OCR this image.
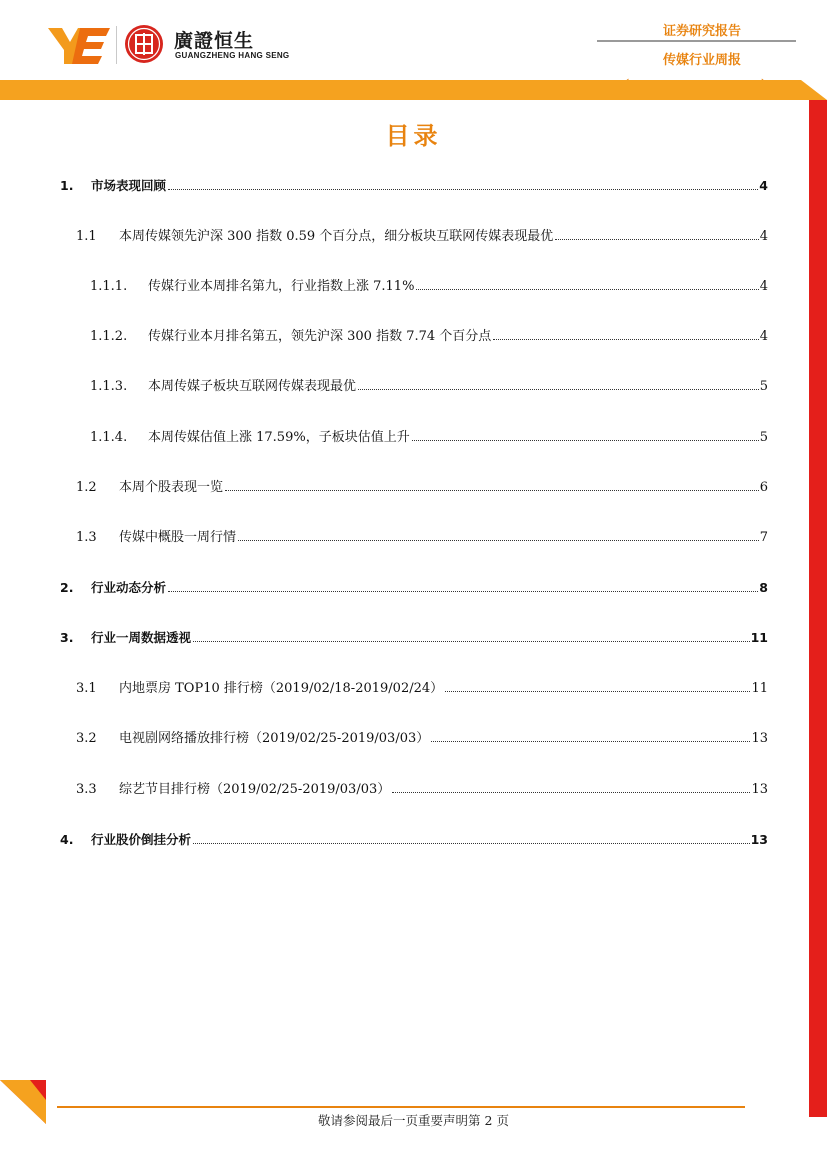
廣證恒生
GUANGZHENG HANG SENG
证券研究报告
传媒行业周报
目录
1.	市场表现回顾	4
1.1	本周传媒领先沪深 300 指数 0.59 个百分点，细分板块互联网传媒表现最优	4
1.1.1.	传媒行业本周排名第九，行业指数上涨 7.11%	4
1.1.2.	传媒行业本月排名第五，领先沪深 300 指数 7.74 个百分点	4
1.1.3.	本周传媒子板块互联网传媒表现最优	5
1.1.4.	本周传媒估值上涨 17.59%，子板块估值上升	5
1.2	本周个股表现一览	6
1.3	传媒中概股一周行情	7
2.	行业动态分析	8
3.	行业一周数据透视	11
3.1	内地票房 TOP10 排行榜（2019/02/18-2019/02/24）	11
3.2	电视剧网络播放排行榜（2019/02/25-2019/03/03）	13
3.3	综艺节目排行榜（2019/02/25-2019/03/03）	13
4.	行业股价倒挂分析	13
敬请参阅最后一页重要声明第 2 页
